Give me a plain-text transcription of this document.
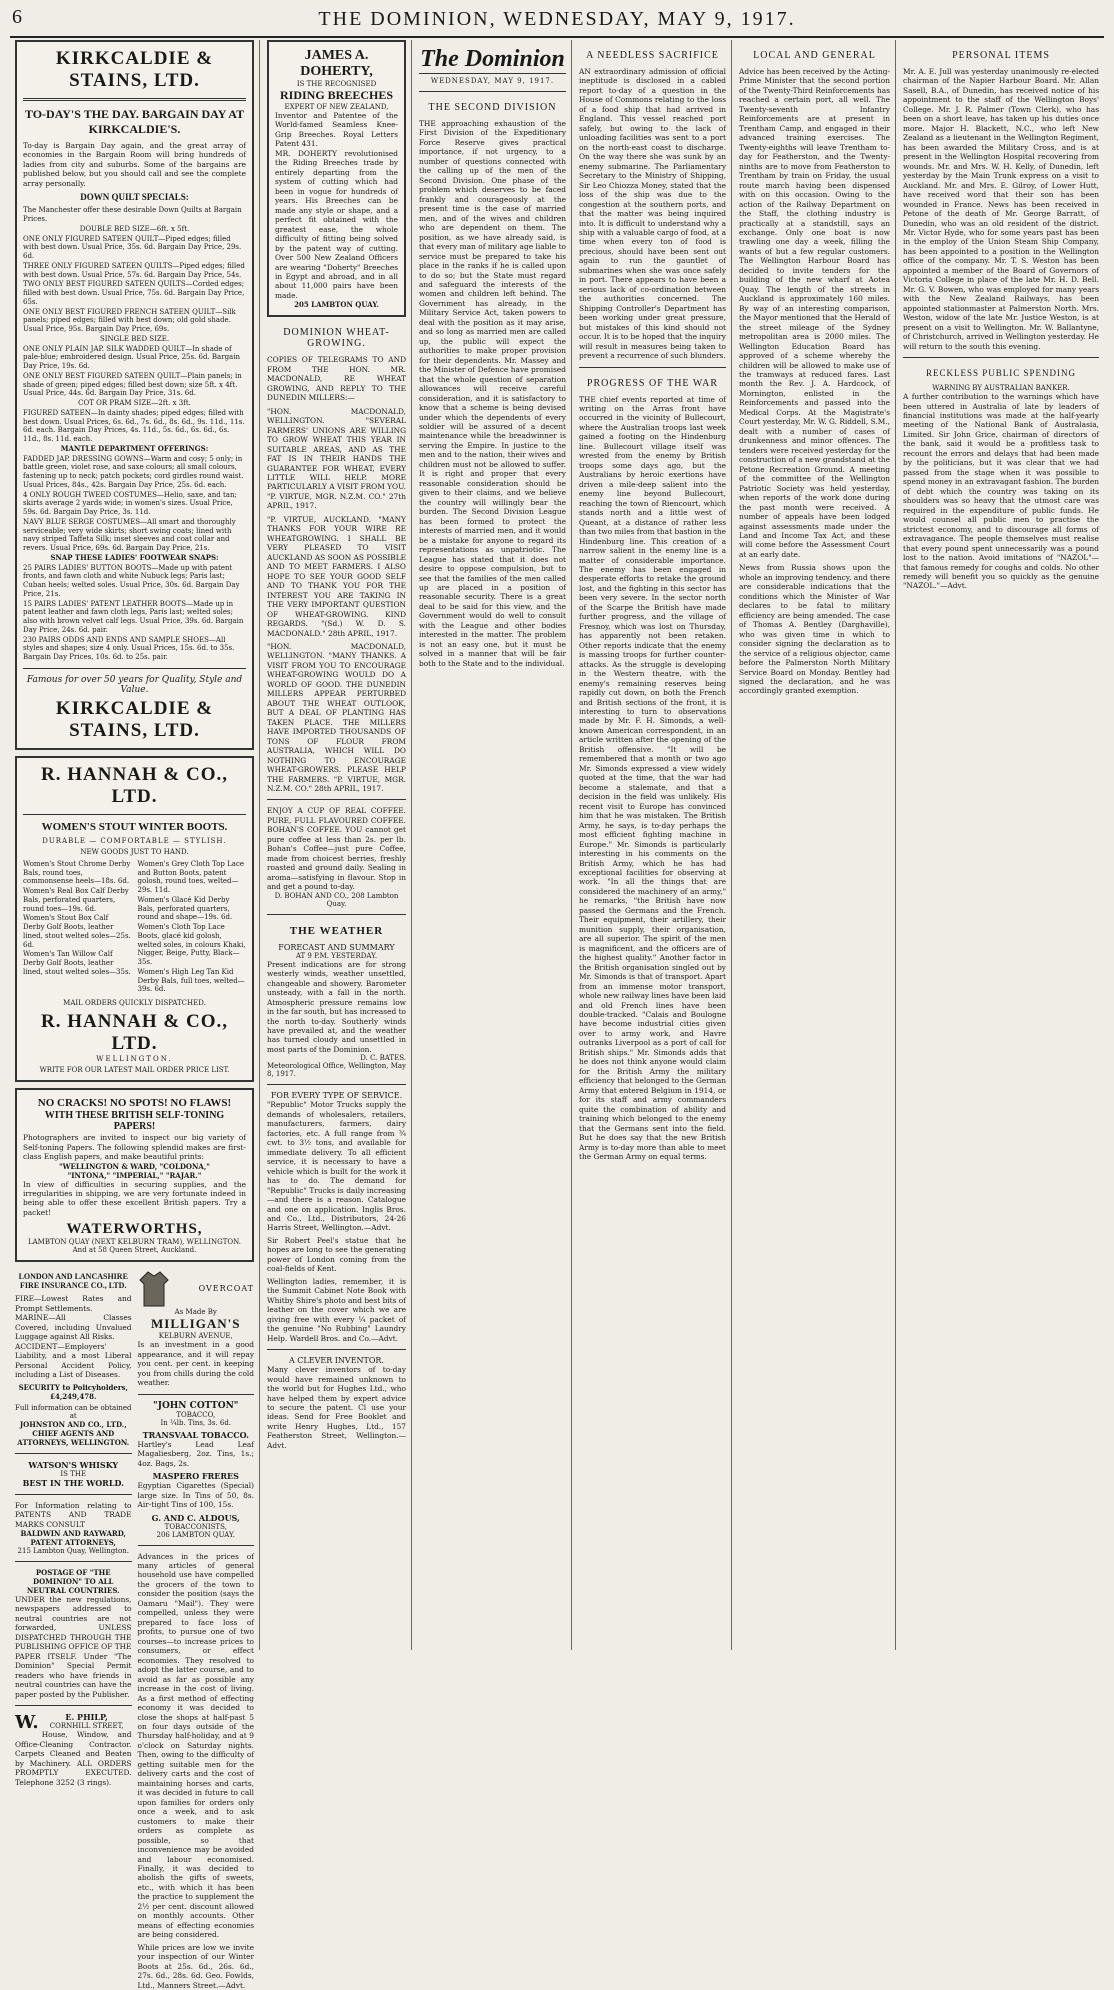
6	THE DOMINION, WEDNESDAY, MAY 9, 1917.
KIRKCALDIE & STAINS, LTD.
TO-DAY'S THE DAY. BARGAIN DAY AT KIRKCALDIE'S.
To-day is Bargain Day again, and the great array of economies in the Bargain Room will bring hundreds of ladies from city and suburbs. Some of the bargains are published below, but you should call and see the complete array personally.
DOWN QUILT SPECIALS:
The Manchester offer these desirable Down Quilts at Bargain Prices.
DOUBLE BED SIZE—6ft. x 5ft.
ONE ONLY FIGURED SATEEN QUILT—Piped edges; filled with best down. Usual Price, 35s. 6d. Bargain Day Price, 29s. 6d.
THREE ONLY FIGURED SATEEN QUILTS—Piped edges; filled with best down. Usual Price, 57s. 6d. Bargain Day Price, 54s.
TWO ONLY BEST FIGURED SATEEN QUILTS—Corded edges; filled with best down. Usual Price, 75s. 6d. Bargain Day Price, 65s.
ONE ONLY BEST FIGURED FRENCH SATEEN QUILT—Silk panels; piped edges; filled with best down; old gold shade. Usual Price, 95s. Bargain Day Price, 69s.
SINGLE BED SIZE.
ONE ONLY PLAIN JAP. SILK WADDED QUILT—In shade of pale-blue; embroidered design. Usual Price, 25s. 6d. Bargain Day Price, 19s. 6d.
ONE ONLY BEST FIGURED SATEEN QUILT—Plain panels; in shade of green; piped edges; filled best down; size 5ft. x 4ft. Usual Price, 44s. 6d. Bargain Day Price, 31s. 6d.
COT OR PRAM SIZE—2ft. x 3ft.
FIGURED SATEEN—In dainty shades; piped edges; filled with best down. Usual Prices, 6s. 6d., 7s. 6d., 8s. 6d., 9s. 11d., 11s. 6d. each. Bargain Day Prices, 4s. 11d., 5s. 6d., 6s. 6d., 6s. 11d., 8s. 11d. each.
MANTLE DEPARTMENT OFFERINGS:
FADDED JAP. DRESSING GOWNS—Warm and cosy; 5 only; in battle green, violet rose, and saxe colours; all small colours, fastening up to neck; patch pockets; cord girdles round waist. Usual Prices, 84s., 42s. Bargain Day Price, 25s. 6d. each.
4 ONLY ROUGH TWEED COSTUMES—Helio, saxe, and tan; skirts average 2 yards wide; in women's sizes. Usual Price, 59s. 6d. Bargain Day Price, 3s. 11d.
NAVY BLUE SERGE COSTUMES—All smart and thoroughly serviceable; very wide skirts; short swing coats; lined with navy striped Taffeta Silk; inset sleeves and coat collar and revers. Usual Price, 69s. 6d. Bargain Day Price, 21s.
SNAP THESE LADIES' FOOTWEAR SNAPS:
25 PAIRS LADIES' BUTTON BOOTS—Made up with patent fronts, and fawn cloth and white Nubuck legs; Paris last; Cuban heels; welted soles. Usual Price, 30s. 6d. Bargain Day Price, 21s.
15 PAIRS LADIES' PATENT LEATHER BOOTS—Made up in patent leather and fawn cloth legs, Paris last; welted soles; also with brown velvet calf legs. Usual Price, 39s. 6d. Bargain Day Price, 24s. 6d. pair.
230 PAIRS ODDS AND ENDS AND SAMPLE SHOES—All styles and shapes; size 4 only. Usual Prices, 15s. 6d. to 35s. Bargain Day Prices, 10s. 6d. to 25s. pair.
Famous for over 50 years for Quality, Style and Value.
KIRKCALDIE & STAINS, LTD.
R. HANNAH & CO., LTD.
WOMEN'S STOUT WINTER BOOTS.
DURABLE — COMFORTABLE — STYLISH.
NEW GOODS JUST TO HAND.
Women's Stout Chrome Derby Bals, round toes, commonsense heels—18s. 6d.
Women's Real Box Calf Derby Bals, perforated quarters, round toes—19s. 6d.
Women's Stout Box Calf Derby Golf Boots, leather lined, stout welted soles—25s. 6d.
Women's Tan Willow Calf Derby Golf Boots, leather lined, stout welted soles—35s.
Women's Grey Cloth Top Lace and Button Boots, patent golosh, round toes, welted—29s. 11d.
Women's Glacé Kid Derby Bals, perforated quarters, round and shape—19s. 6d.
Women's Cloth Top Lace Boots, glacé kid golosh, welted soles, in colours Khaki, Nigger, Beige, Putty, Black—35s.
Women's High Leg Tan Kid Derby Bals, full toes, welted—39s. 6d.
MAIL ORDERS QUICKLY DISPATCHED.
R. HANNAH & CO., LTD.
WELLINGTON.
WRITE FOR OUR LATEST MAIL ORDER PRICE LIST.
NO CRACKS! NO SPOTS! NO FLAWS!
WITH THESE BRITISH SELF-TONING PAPERS!
Photographers are invited to inspect our big variety of Self-toning Papers. The following splendid makes are first-class English papers, and make beautiful prints:
"WELLINGTON & WARD, "COLDONA,"
"INTONA," "IMPERIAL," "RAJAR."
In view of difficulties in securing supplies, and the irregularities in shipping, we are very fortunate indeed in being able to offer these excellent British papers. Try a packet!
WATERWORTHS,
LAMBTON QUAY (NEXT KELBURN TRAM), WELLINGTON.
And at 58 Queen Street, Auckland.
LONDON AND LANCASHIRE FIRE INSURANCE CO., LTD.
FIRE—Lowest Rates and Prompt Settlements.
MARINE—All Classes Covered, including Unvalued Luggage against All Risks.
ACCIDENT—Employers' Liability, and a most Liberal Personal Accident Policy, including a List of Diseases.
SECURITY to Policyholders, £4,249,478.
Full information can be obtained at
JOHNSTON AND CO., LTD., CHIEF AGENTS AND ATTORNEYS, WELLINGTON.
WATSON'S WHISKY
IS THE
BEST IN THE WORLD.
For Information relating to PATENTS AND TRADE MARKS CONSULT
BALDWIN AND RAYWARD, PATENT ATTORNEYS,
215 Lambton Quay, Wellington.
POSTAGE OF "THE DOMINION" TO ALL NEUTRAL COUNTRIES.
UNDER the new regulations, newspapers addressed to neutral countries are not forwarded, UNLESS DISPATCHED THROUGH THE PUBLISHING OFFICE OF THE PAPER ITSELF. Under "The Dominion" Special Permit readers who have friends in neutral countries can have the paper posted by the Publisher.
W.	E. PHILP,
CORNHILL STREET,
House, Window, and Office-Cleaning Contractor. Carpets Cleaned and Beaten by Machinery. ALL ORDERS PROMPTLY EXECUTED. Telephone 3252 (3 rings).
OVERCOAT
As Made By
MILLIGAN'S
KELBURN AVENUE,
Is an investment in a good appearance, and it will repay you cent. per cent. in keeping you from chills during the cold weather.
"JOHN COTTON"
TOBACCO,
In ¼lb. Tins, 3s. 6d.
TRANSVAAL TOBACCO.
Hartley's Lead Leaf Magaliesberg, 2oz. Tins, 1s.; 4oz. Bags, 2s.
MASPERO FRERES
Egyptian Cigarettes (Special) large size. In Tins of 50, 8s. Air-tight Tins of 100, 15s.
G. AND C. ALDOUS,
TOBACCONISTS,
206 LAMBTON QUAY.
Advances in the prices of many articles of general household use have compelled the grocers of the town to consider the position (says the Oamaru "Mail"). They were compelled, unless they were prepared to face loss of profits, to pursue one of two courses—to increase prices to consumers, or effect economies. They resolved to adopt the latter course, and to avoid as far as possible any increase in the cost of living. As a first method of effecting economy it was decided to close the shops at half-past 5 on four days outside of the Thursday half-holiday, and at 9 o'clock on Saturday nights. Then, owing to the difficulty of getting suitable men for the delivery carts and the cost of maintaining horses and carts, it was decided in future to call upon families for orders only once a week, and to ask customers to make their orders as complete as possible, so that inconvenience may be avoided and labour economised. Finally, it was decided to abolish the gifts of sweets, etc., with which it has been the practice to supplement the 2½ per cent. discount allowed on monthly accounts. Other means of effecting economies are being considered.
While prices are low we invite your inspection of our Winter Boots at 25s. 6d., 26s. 6d., 27s. 6d., 28s. 6d. Geo. Fowlds, Ltd., Manners Street.—Advt.
JAMES A. DOHERTY,
IS THE RECOGNISED
RIDING BREECHES
EXPERT OF NEW ZEALAND,
Inventor and Patentee of the World-famed Seamless Knee-Grip Breeches. Royal Letters Patent 431.
MR. DOHERTY revolutionised the Riding Breeches trade by entirely departing from the system of cutting which had been in vogue for hundreds of years. His Breeches can be made any style or shape, and a perfect fit obtained with the greatest ease, the whole difficulty of fitting being solved by the patent way of cutting. Over 500 New Zealand Officers are wearing "Doherty" Breeches in Egypt and abroad, and in all about 11,000 pairs have been made.
205 LAMBTON QUAY.
DOMINION WHEAT-GROWING.
COPIES OF TELEGRAMS TO AND FROM THE HON. MR. MACDONALD, RE WHEAT GROWING, AND REPLY TO THE DUNEDIN MILLERS:—
"HON. MACDONALD, WELLINGTON. "SEVERAL FARMERS' UNIONS ARE WILLING TO GROW WHEAT THIS YEAR IN SUITABLE AREAS, AND AS THE FAT IS IN THEIR HANDS THE GUARANTEE FOR WHEAT, EVERY LITTLE WILL HELP. MORE PARTICULARLY A VISIT FROM YOU. "P. VIRTUE, MGR. N.Z.M. CO." 27th APRIL, 1917.
"P. VIRTUE, AUCKLAND. "MANY THANKS FOR YOUR WIRE RE WHEATGROWING. I SHALL BE VERY PLEASED TO VISIT AUCKLAND AS SOON AS POSSIBLE AND TO MEET FARMERS. I ALSO HOPE TO SEE YOUR GOOD SELF AND TO THANK YOU FOR THE INTEREST YOU ARE TAKING IN THE VERY IMPORTANT QUESTION OF WHEAT-GROWING. KIND REGARDS. "(Sd.) W. D. S. MACDONALD." 28th APRIL, 1917.
"HON. MACDONALD, WELLINGTON. "MANY THANKS. A VISIT FROM YOU TO ENCOURAGE WHEAT-GROWING WOULD DO A WORLD OF GOOD. THE DUNEDIN MILLERS APPEAR PERTURBED ABOUT THE WHEAT OUTLOOK, BUT A DEAL OF PLANTING HAS TAKEN PLACE. THE MILLERS HAVE IMPORTED THOUSANDS OF TONS OF FLOUR FROM AUSTRALIA, WHICH WILL DO NOTHING TO ENCOURAGE WHEAT-GROWERS. PLEASE HELP THE FARMERS. "P. VIRTUE, MGR. N.Z.M. CO." 28th APRIL, 1917.
ENJOY A CUP OF REAL COFFEE. PURE, FULL FLAVOURED COFFEE. BOHAN'S COFFEE. YOU cannot get pure coffee at less than 2s. per lb. Bohan's Coffee—just pure Coffee, made from choicest berries, freshly roasted and ground daily. Sealing in aroma—satisfying in flavour. Stop in and get a pound to-day.
D. BOHAN AND CO., 208 Lambton Quay.
THE WEATHER
FORECAST AND SUMMARY
AT 9 P.M. YESTERDAY.
Present indications are for strong westerly winds, weather unsettled, changeable and showery. Barometer unsteady, with a fall in the north. Atmospheric pressure remains low in the far south, but has increased to the north to-day. Southerly winds have prevailed at, and the weather has turned cloudy and unsettled in most parts of the Dominion.
D. C. BATES.
Meteorological Office, Wellington, May 8, 1917.
FOR EVERY TYPE OF SERVICE.
"Republic" Motor Trucks supply the demands of wholesalers, retailers, manufacturers, farmers, dairy factories, etc. A full range from ¾ cwt. to 3½ tons, and available for immediate delivery. To all efficient service, it is necessary to have a vehicle which is built for the work it has to do. The demand for "Republic" Trucks is daily increasing—and there is a reason. Catalogue and one on application. Inglis Bros. and Co., Ltd., Distributors, 24-26 Harris Street, Wellington.—Advt.
Sir Robert Peel's statue that he hopes are long to see the generating power of London coming from the coal-fields of Kent.
Wellington ladies, remember, it is the Summit Cabinet Note Book with Whitby Shire's photo and best bits of leather on the cover which we are giving free with every ¼ packet of the genuine "No Rubbing" Laundry Help. Wardell Bros. and Co.—Advt.
A CLEVER INVENTOR.
Many clever inventors of to-day would have remained unknown to the world but for Hughes Ltd., who have helped them by expert advice to secure the patent. Cl use your ideas. Send for Free Booklet and write Henry Hughes, Ltd., 157 Featherston Street, Wellington.—Advt.
The Dominion
WEDNESDAY, MAY 9, 1917.
THE SECOND DIVISION
THE approaching exhaustion of the First Division of the Expeditionary Force Reserve gives practical importance, if not urgency, to a number of questions connected with the calling up of the men of the Second Division. One phase of the problem which deserves to be faced frankly and courageously at the present time is the case of married men, and of the wives and children who are dependent on them. The position, as we have already said, is that every man of military age liable to service must be prepared to take his place in the ranks if he is called upon to do so; but the State must regard and safeguard the interests of the women and children left behind. The Government has already, in the Military Service Act, taken powers to deal with the position as it may arise, and so long as married men are called up, the public will expect the authorities to make proper provision for their dependents. Mr. Massey and the Minister of Defence have promised that the whole question of separation allowances will receive careful consideration, and it is satisfactory to know that a scheme is being devised under which the dependents of every soldier will be assured of a decent maintenance while the breadwinner is serving the Empire. In justice to the men and to the nation, their wives and children must not be allowed to suffer. It is right and proper that every reasonable consideration should be given to their claims, and we believe the country will willingly bear the burden. The Second Division League has been formed to protect the interests of married men, and it would be a mistake for anyone to regard its representations as unpatriotic. The League has stated that it does not desire to oppose compulsion, but to see that the families of the men called up are placed in a position of reasonable security. There is a great deal to be said for this view, and the Government would do well to consult with the League and other bodies interested in the matter. The problem is not an easy one, but it must be solved in a manner that will be fair both to the State and to the individual.
A NEEDLESS SACRIFICE
AN extraordinary admission of official ineptitude is disclosed in a cabled report to-day of a question in the House of Commons relating to the loss of a food ship that had arrived in England. This vessel reached port safely, but owing to the lack of unloading facilities was sent to a port on the north-east coast to discharge. On the way there she was sunk by an enemy submarine. The Parliamentary Secretary to the Ministry of Shipping, Sir Leo Chiozza Money, stated that the loss of the ship was due to the congestion at the southern ports, and that the matter was being inquired into. It is difficult to understand why a ship with a valuable cargo of food, at a time when every ton of food is precious, should have been sent out again to run the gauntlet of submarines when she was once safely in port. There appears to have been a serious lack of co-ordination between the authorities concerned. The Shipping Controller's Department has been working under great pressure, but mistakes of this kind should not occur. It is to be hoped that the inquiry will result in measures being taken to prevent a recurrence of such blunders.
PROGRESS OF THE WAR
THE chief events reported at time of writing on the Arras front have occurred in the vicinity of Bullecourt, where the Australian troops last week gained a footing on the Hindenburg line. Bullecourt village itself was wrested from the enemy by British troops some days ago, but the Australians by heroic exertions have driven a mile-deep salient into the enemy line beyond Bullecourt, reaching the town of Riencourt, which stands north and a little west of Queant, at a distance of rather less than two miles from that bastion in the Hindenburg line. This creation of a narrow salient in the enemy line is a matter of considerable importance. The enemy has been engaged in desperate efforts to retake the ground lost, and the fighting in this sector has been very severe. In the sector north of the Scarpe the British have made further progress, and the village of Fresnoy, which was lost on Thursday, has apparently not been retaken. Other reports indicate that the enemy is massing troops for further counter-attacks. As the struggle is developing in the Western theatre, with the enemy's remaining reserves being rapidly cut down, on both the French and British sections of the front, it is interesting to turn to observations made by Mr. F. H. Simonds, a well-known American correspondent, in an article written after the opening of the British offensive. "It will be remembered that a month or two ago Mr. Simonds expressed a view widely quoted at the time, that the war had become a stalemate, and that a decision in the field was unlikely. His recent visit to Europe has convinced him that he was mistaken. The British Army, he says, is to-day perhaps the most efficient fighting machine in Europe." Mr. Simonds is particularly interesting in his comments on the British Army, which he has had exceptional facilities for observing at work. "In all the things that are considered the machinery of an army," he remarks, "the British have now passed the Germans and the French. Their equipment, their artillery, their munition supply, their organisation, are all superior. The spirit of the men is magnificent, and the officers are of the highest quality." Another factor in the British organisation singled out by Mr. Simonds is that of transport. Apart from an immense motor transport, whole new railway lines have been laid and old French lines have been double-tracked. "Calais and Boulogne have become industrial cities given over to army work, and Havre outranks Liverpool as a port of call for British ships." Mr. Simonds adds that he does not think anyone would claim for the British Army the military efficiency that belonged to the German Army that entered Belgium in 1914, or for its staff and army commanders quite the combination of ability and training which belonged to the enemy that the Germans sent into the field. But he does say that the new British Army is to-day more than able to meet the German Army on equal terms.
LOCAL AND GENERAL
Advice has been received by the Acting-Prime Minister that the second portion of the Twenty-Third Reinforcements has reached a certain port, all well. The Twenty-seventh Infantry Reinforcements are at present in Trentham Camp, and engaged in their advanced training exercises. The Twenty-eighths will leave Trentham to-day for Featherston, and the Twenty-ninths are to move from Featherston to Trentham by train on Friday, the usual route march having been dispensed with on this occasion. Owing to the action of the Railway Department on the Staff, the clothing industry is practically at a standstill, says an exchange. Only one boat is now trawling one day a week, filling the wants of but a few regular customers. The Wellington Harbour Board has decided to invite tenders for the building of the new wharf at Aotea Quay. The length of the streets in Auckland is approximately 160 miles. By way of an interesting comparison, the Mayor mentioned that the Herald of the street mileage of the Sydney metropolitan area is 2000 miles. The Wellington Education Board has approved of a scheme whereby the children will be allowed to make use of the tramways at reduced fares. Last month the Rev. J. A. Hardcock, of Mornington, enlisted in the Reinforcements and passed into the Medical Corps. At the Magistrate's Court yesterday, Mr. W. G. Riddell, S.M., dealt with a number of cases of drunkenness and minor offences. The tenders were received yesterday for the construction of a new grandstand at the Petone Recreation Ground. A meeting of the committee of the Wellington Patriotic Society was held yesterday, when reports of the work done during the past month were received. A number of appeals have been lodged against assessments made under the Land and Income Tax Act, and these will come before the Assessment Court at an early date.
News from Russia shows upon the whole an improving tendency, and there are considerable indications that the conditions which the Minister of War declares to be fatal to military efficiency are being amended. The case of Thomas A. Bentley (Darghaville), who was given time in which to consider signing the declaration as to the service of a religious objector, came before the Palmerston North Military Service Board on Monday. Bentley had signed the declaration, and he was accordingly granted exemption.
PERSONAL ITEMS
Mr. A. E. Jull was yesterday unanimously re-elected chairman of the Napier Harbour Board. Mr. Allan Sasell, B.A., of Dunedin, has received notice of his appointment to the staff of the Wellington Boys' College. Mr. J. R. Palmer (Town Clerk), who has been on a short leave, has taken up his duties once more. Major H. Blackett, N.C., who left New Zealand as a lieutenant in the Wellington Regiment, has been awarded the Military Cross, and is at present in the Wellington Hospital recovering from wounds. Mr. and Mrs. W. H. Kelly, of Dunedin, left yesterday by the Main Trunk express on a visit to Auckland. Mr. and Mrs. E. Gilroy, of Lower Hutt, have received word that their son has been wounded in France. News has been received in Petone of the death of Mr. George Barratt, of Dunedin, who was an old resident of the district. Mr. Victor Hyde, who for some years past has been in the employ of the Union Steam Ship Company, has been appointed to a position in the Wellington office of the company. Mr. T. S. Weston has been appointed a member of the Board of Governors of Victoria College in place of the late Mr. H. D. Bell. Mr. G. V. Bowen, who was employed for many years with the New Zealand Railways, has been appointed stationmaster at Palmerston North. Mrs. Weston, widow of the late Mr. Justice Weston, is at present on a visit to Wellington. Mr. W. Ballantyne, of Christchurch, arrived in Wellington yesterday. He will return to the south this evening.
RECKLESS PUBLIC SPENDING
WARNING BY AUSTRALIAN BANKER.
A further contribution to the warnings which have been uttered in Australia of late by leaders of financial institutions was made at the half-yearly meeting of the National Bank of Australasia, Limited. Sir John Grice, chairman of directors of the bank, said it would be a profitless task to recount the errors and delays that had been made by the politicians, but it was clear that we had passed from the stage when it was possible to spend money in an extravagant fashion. The burden of debt which the country was taking on its shoulders was so heavy that the utmost care was required in the expenditure of public funds. He would counsel all public men to practise the strictest economy, and to discourage all forms of extravagance. The people themselves must realise that every pound spent unnecessarily was a pound lost to the nation. Avoid imitations of "NAZOL"—that famous remedy for coughs and colds. No other remedy will benefit you so quickly as the genuine "NAZOL."—Advt.
